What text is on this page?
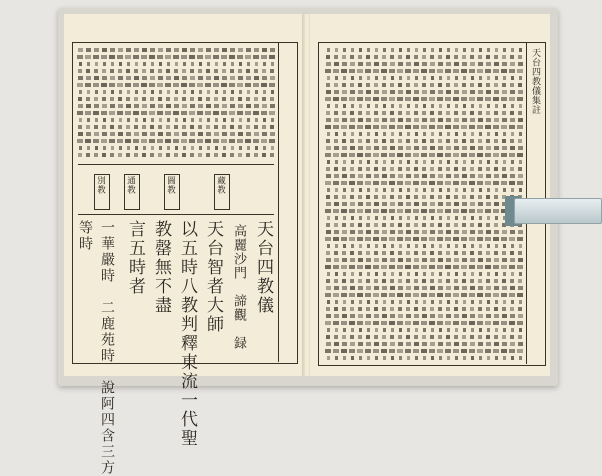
別教 通教	圓教	藏教
天台四教儀
高麗沙門　諦觀　録
天台智者大師
以五時八教判釋東流一代聖
教罄無不盡
言五時者
一華嚴時　二鹿苑時　說阿四含三方
等時
天台四教儀集註
